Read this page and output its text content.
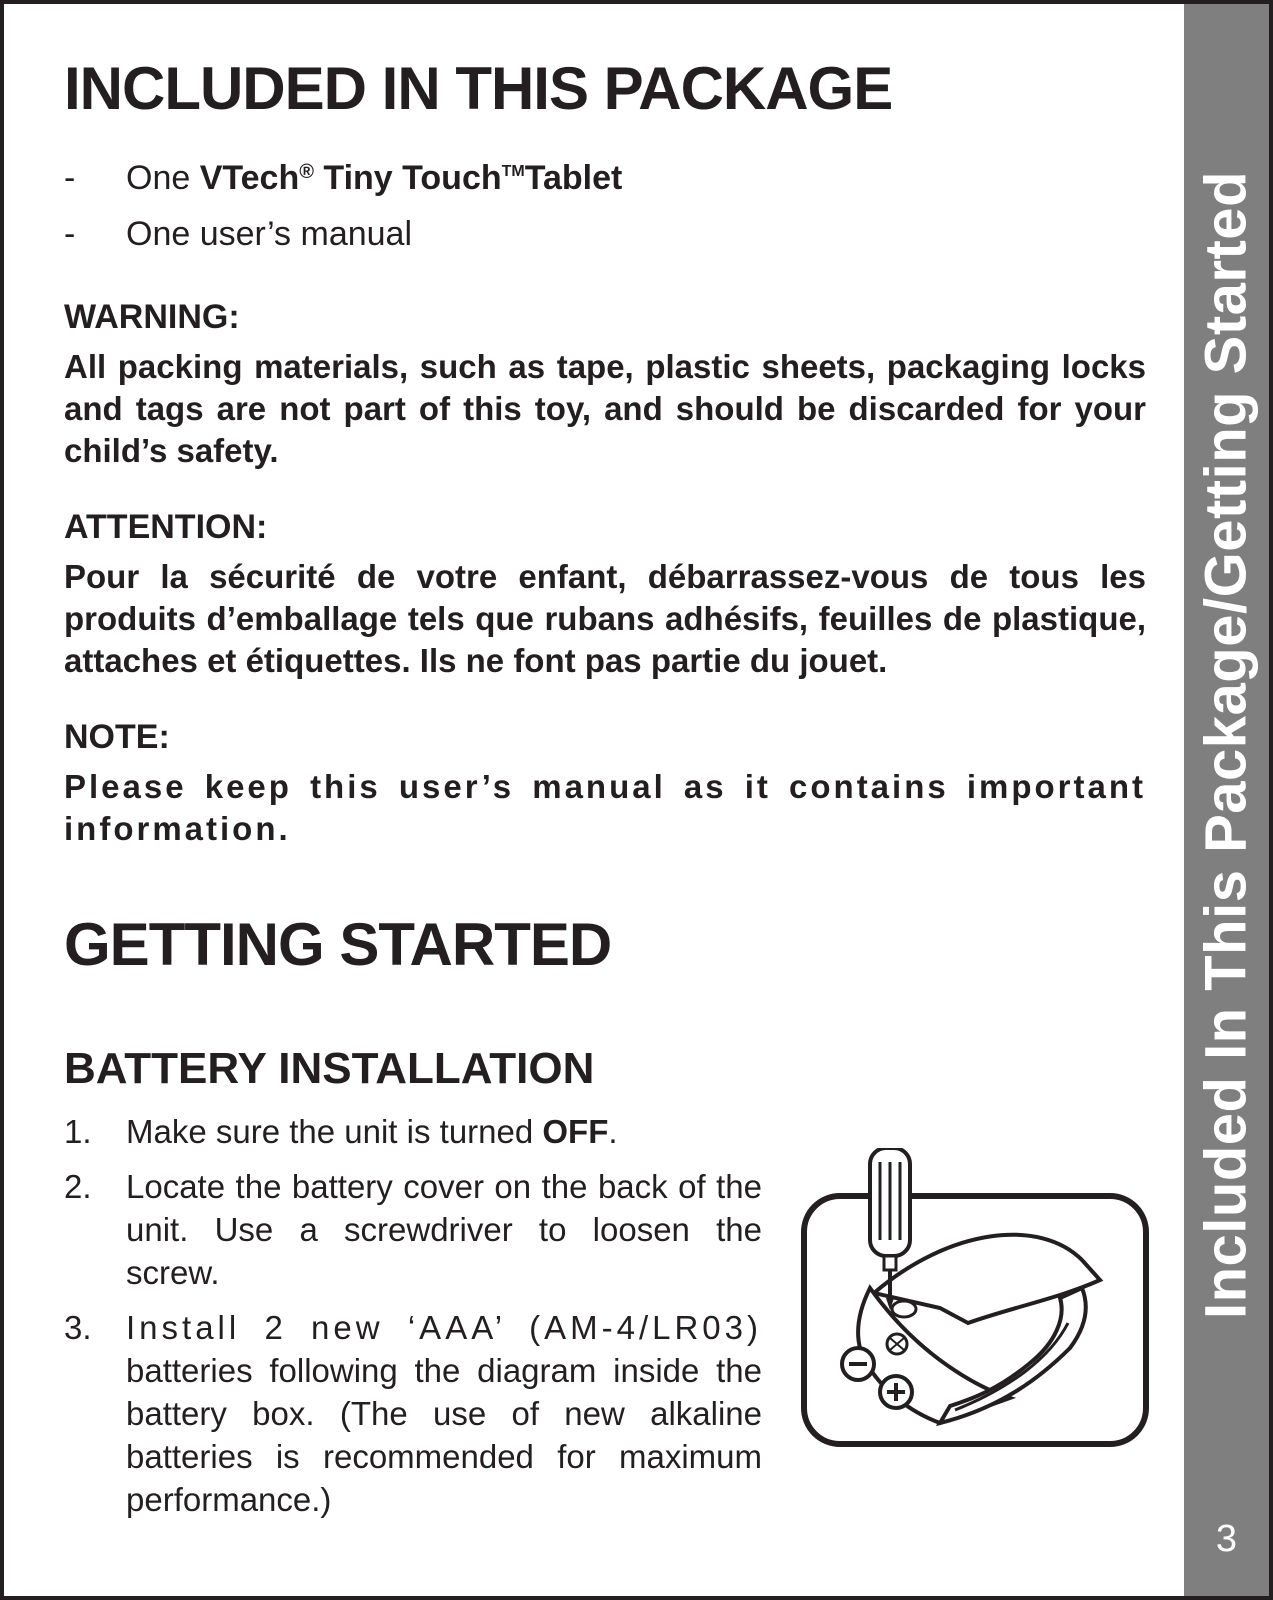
Included In This Package/Getting Started
3
INCLUDED IN THIS PACKAGE
- One VTech® Tiny Touch™Tablet
- One user’s manual
WARNING:
All packing materials, such as tape, plastic sheets, packaging locks and tags are not part of this toy, and should be discarded for your child’s safety.
ATTENTION:
Pour la sécurité de votre enfant, débarrassez-vous de tous les produits d’emballage tels que rubans adhésifs, feuilles de plastique, attaches et étiquettes. Ils ne font pas partie du jouet.
NOTE:
Please keep this user’s manual as it contains important information.
GETTING STARTED
BATTERY INSTALLATION
1. Make sure the unit is turned OFF.
2. Locate the battery cover on the back of the unit. Use a screwdriver to loosen the screw.
3. Install 2 new ‘AAA’ (AM-4/LR03) batteries following the diagram inside the battery box. (The use of new alkaline batteries is recommended for maximum performance.)
